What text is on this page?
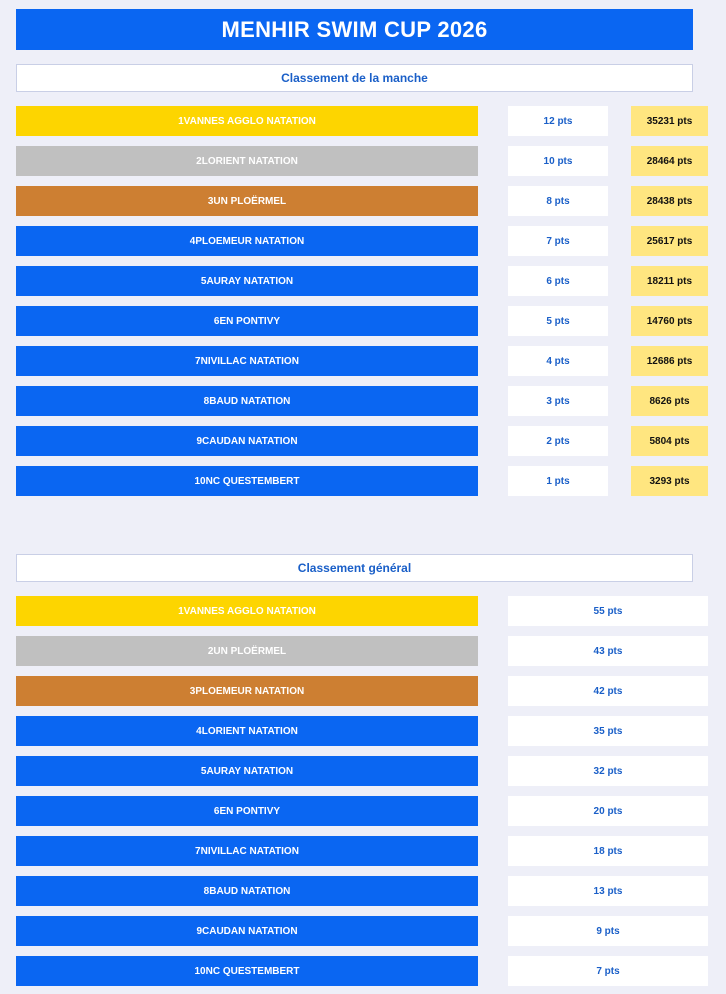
MENHIR SWIM CUP 2026
Classement de la manche
1 VANNES AGGLO NATATION	12 pts	35231 pts
2 LORIENT NATATION	10 pts	28464 pts
3 UN PLOËRMEL	8 pts	28438 pts
4 PLOEMEUR NATATION	7 pts	25617 pts
5 AURAY NATATION	6 pts	18211 pts
6 EN PONTIVY	5 pts	14760 pts
7 NIVILLAC NATATION	4 pts	12686 pts
8 BAUD NATATION	3 pts	8626 pts
9 CAUDAN NATATION	2 pts	5804 pts
10 NC QUESTEMBERT	1 pts	3293 pts
Classement général
1 VANNES AGGLO NATATION	55 pts
2 UN PLOËRMEL	43 pts
3 PLOEMEUR NATATION	42 pts
4 LORIENT NATATION	35 pts
5 AURAY NATATION	32 pts
6 EN PONTIVY	20 pts
7 NIVILLAC NATATION	18 pts
8 BAUD NATATION	13 pts
9 CAUDAN NATATION	9 pts
10 NC QUESTEMBERT	7 pts
